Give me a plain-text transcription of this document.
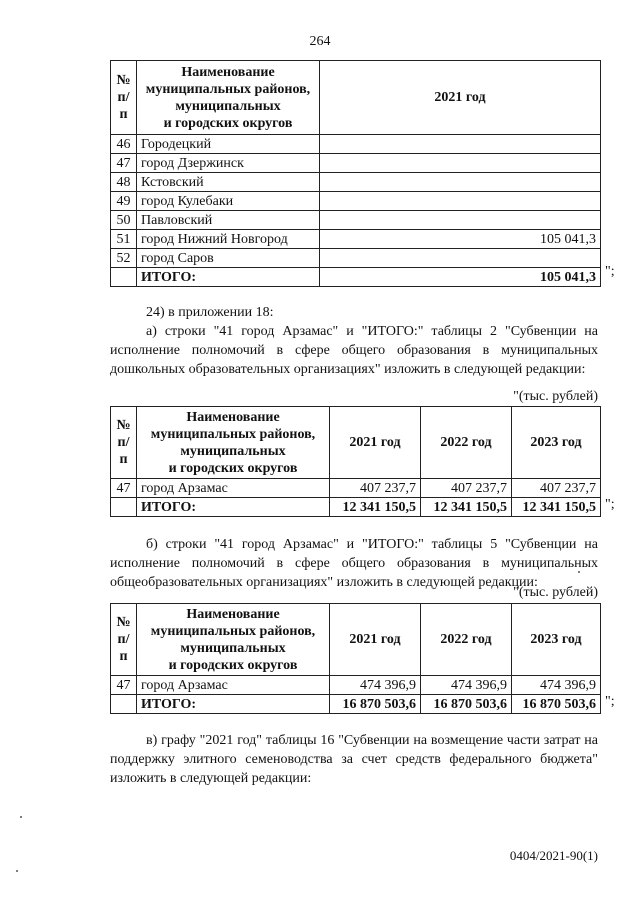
264
№
п/п	Наименование
муниципальных районов,
муниципальных
и городских округов	2021 год
46	Городецкий	
47	город Дзержинск	
48	Кстовский	
49	город Кулебаки	
50	Павловский	
51	город Нижний Новгород	105 041,3
52	город Саров	
	ИТОГО:	105 041,3 ";
24) в приложении 18:
а) строки "41 город Арзамас" и "ИТОГО:" таблицы 2 "Субвенции на исполнение полномочий в сфере общего образования в муниципальных дошкольных образовательных организациях" изложить в следующей редакции:
"(тыс. рублей)
№
п/п	Наименование
муниципальных районов,
муниципальных
и городских округов	2021 год	2022 год	2023 год
47	город Арзамас	407 237,7	407 237,7	407 237,7
	ИТОГО:	12 341 150,5	12 341 150,5	12 341 150,5 ";
б) строки "41 город Арзамас" и "ИТОГО:" таблицы 5 "Субвенции на исполнение полномочий в сфере общего образования в муниципальных общеобразовательных организациях" изложить в следующей редакции:
"(тыс. рублей)
№
п/п	Наименование
муниципальных районов,
муниципальных
и городских округов	2021 год	2022 год	2023 год
47	город Арзамас	474 396,9	474 396,9	474 396,9
	ИТОГО:	16 870 503,6	16 870 503,6	16 870 503,6 ";
в) графу "2021 год" таблицы 16 "Субвенции на возмещение части затрат на поддержку элитного семеноводства за счет средств федерального бюджета" изложить в следующей редакции:
0404/2021-90(1)
